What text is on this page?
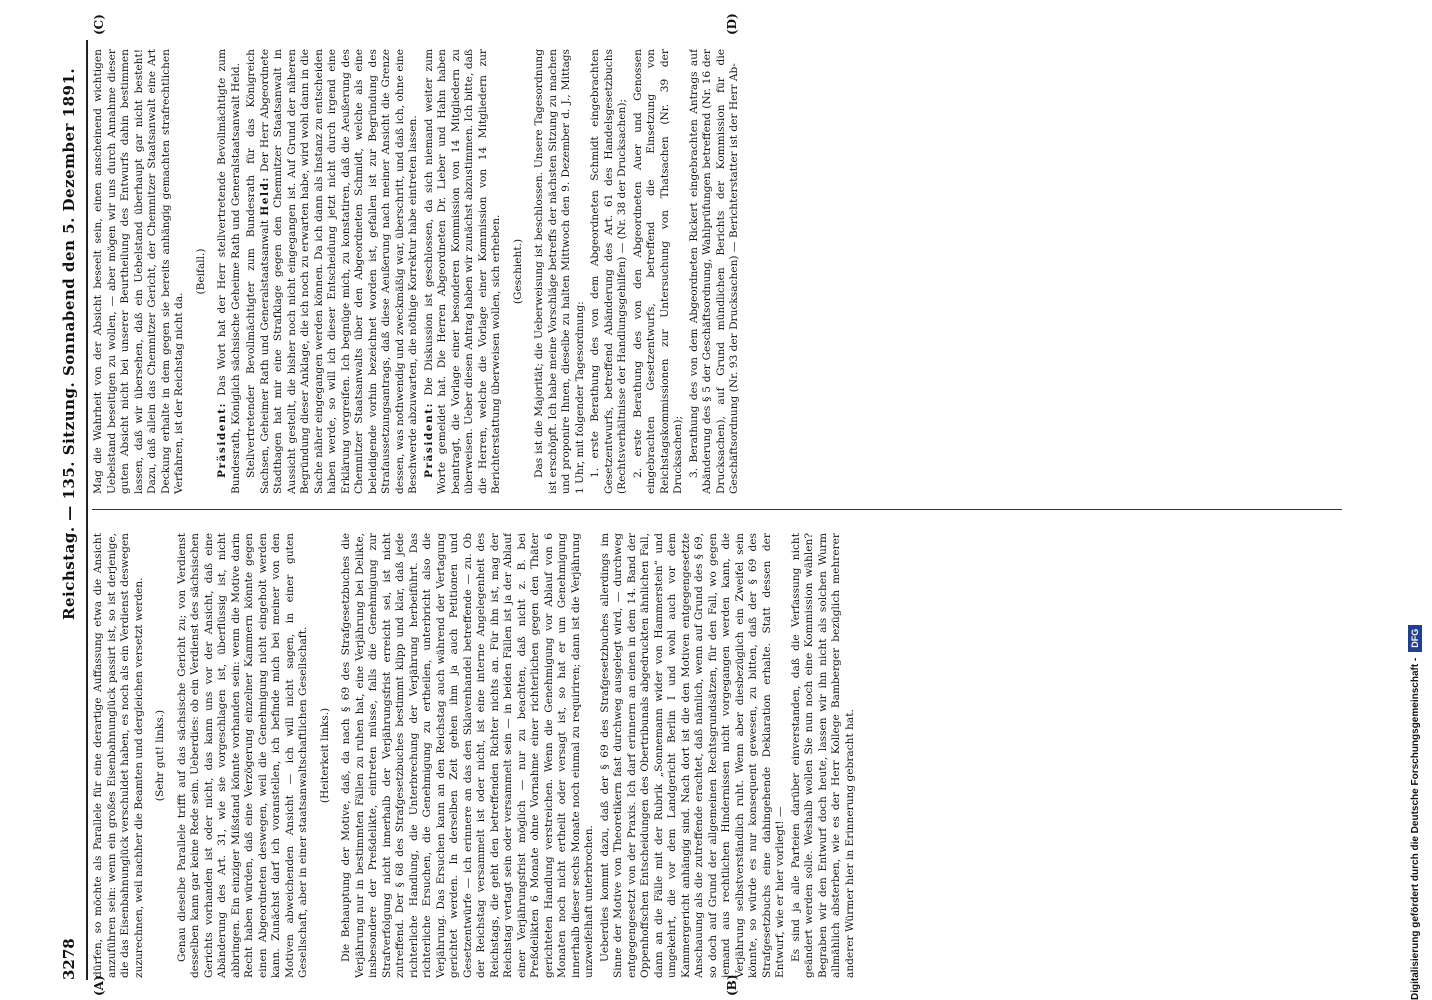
3278
Reichstag. — 135. Sitzung. Sonnabend den 5. Dezember 1891.
(A)	(B)
(C)	(D)

dürfen, so möchte als Parallele für eine derartige Auffassung etwa die Ansicht anzuführen sein: wenn ein großes Eisenbahnunglück passirt ist, so ist derjenige, die das Eisenbahnunglück verschuldet haben, es noch als ein Verdienst deswegen zuzurechnen, weil nachher die Beamten und dergleichen versetzt werden. (Sehr gut! links.) Genau dieselbe Parallele trifft auf das sächsische Gericht zu; von Verdienst desselben kann gar keine Rede sein. Ueberdies: ob ein Verdienst des sächsischen Gerichts vorhanden ist oder nicht, das kann uns vor der Ansicht, daß eine Abänderung des Art. 31, wie sie vorgeschlagen ist, überflüssig ist, nicht abbringen. Ein einziger Mißstand könnte vorhanden sein: wenn die Motive darin Recht haben würden, daß eine Verzögerung einzelner Kammern könnte gegen einen Abgeordneten deswegen, weil die Genehmigung nicht eingeholt werden kann. Zunächst darf ich voranstellen, ich befinde mich bei meiner von den Motiven abweichenden Ansicht — ich will nicht sagen, in einer guten Gesellschaft, aber in einer staatsanwaltschaftlichen Gesellschaft. (Heiterkeit links.) Die Behauptung der Motive, daß, da nach § 69 des Strafgesetzbuches die Verjährung nur in bestimmten Fällen zu ruhen hat, eine Verjährung bei Delikte, insbesondere der Preßdelikte, eintreten müsse, falls die Genehmigung zur Strafverfolgung nicht innerhalb der Verjährungsfrist erreicht sei, ist nicht zutreffend. Der § 68 des Strafgesetzbuches bestimmt klipp und klar, daß jede richterliche Handlung, die Unterbrechung der Verjährung herbeiführt. Das richterliche Ersuchen, die Genehmigung zu ertheilen, unterbricht also die Verjährung. Das Ersuchen kann an den Reichstag auch während der Vertagung gerichtet werden. In derselben Zeit gehen ihm ja auch Petitionen und Gesetzentwürfe — ich erinnere an das den Sklavenhandel betreffende — zu. Ob der Reichstag versammelt ist oder nicht, ist eine interne Angelegenheit des Reichstags, die geht den betreffenden Richter nichts an. Für ihn ist, mag der Reichstag vertagt sein oder versammelt sein — in beiden Fällen ist ja der Ablauf einer Verjährungsfrist möglich — nur zu beachten, daß nicht z. B. bei Preßdelikten 6 Monate ohne Vornahme einer richterlichen gegen den Thäter gerichteten Handlung verstreichen. Wenn die Genehmigung vor Ablauf von 6 Monaten noch nicht ertheilt oder versagt ist, so hat er um Genehmigung innerhalb dieser sechs Monate noch einmal zu requiriren; dann ist die Verjährung unzweifelhaft unterbrochen. Ueberdies kommt dazu, daß der § 69 des Strafgesetzbuches allerdings im Sinne der Motive von Theoretikern fast durchweg ausgelegt wird, — durchweg entgegengesetzt von der Praxis. Ich darf erinnern an einen in dem 14. Band der Oppenhoffschen Entscheidungen des Obertribunals abgedruckten ähnlichen Fall, dann an die Fälle mit der Rubrik „Sonnemann wider von Hammerstein“ und umgekehrt, die vor dem Landgericht Berlin I und wohl auch vor dem Kammergericht anhängig sind. Nach dort ist die den Motiven entgegengesetzte Anschauung als die zutreffende erachtet, daß nämlich, wenn auf Grund des § 69, so doch auf Grund der allgemeinen Rechtsgrundsätzen, für den Fall, wo gegen jemand aus rechtlichen Hindernissen nicht vorgegangen werden kann, die Verjährung selbstverständlich ruht. Wenn aber diesbezüglich ein Zweifel sein könnte, so würde es nur konsequent gewesen, zu bitten, daß der § 69 des Strafgesetzbuchs eine dahingehende Deklaration erhalte. Statt dessen der Entwurf, wie er hier vorliegt! — Es sind ja alle Parteien darüber einverstanden, daß die Verfassung nicht geändert werden solle. Weshalb wollen Sie nun noch eine Kommission wählen? Begraben wir den Entwurf doch heute, lassen wir ihn nicht als solchen Wurm allmählich absterben, wie es der Herr Kollege Bamberger bezüglich mehrerer anderer Würmer hier in Erinnerung gebracht hat.

Mag die Wahrheit von der Absicht beseelt sein, einen anscheinend wichtigen Uebelstand beseitigen zu wollen, — aber mögen wir uns durch Annahme dieser guten Absicht nicht bei unserer Beurtheilung des Entwurfs dahin bestimmen lassen, daß wir übersehen, daß ein Uebelstand überhaupt gar nicht besteht! Dazu, daß allein das Chemnitzer Gericht, der Chemnitzer Staatsanwalt eine Art Deckung erhalte in dem gegen sie bereits anhängig gemachten strafrechtlichen Verfahren, ist der Reichstag nicht da.

(Beifall.)

Präsident: Das Wort hat der Herr stellvertretende Bevollmächtigte zum Bundesrath, Königlich sächsische Geheime Rath und Generalstaatsanwalt Held. Stellvertretender Bevollmächtigter zum Bundesrath für das Königreich Sachsen, Geheimer Rath und Generalstaatsanwalt Held: Der Herr Abgeordnete Stadthagen hat mir eine Strafklage gegen den Chemnitzer Staatsanwalt in Aussicht gestellt, die bisher noch nicht eingegangen ist. Auf Grund der näheren Begründung dieser Anklage, die ich noch zu erwarten habe, wird wohl dann in die Sache näher eingegangen werden können. Da ich dann als Instanz zu entscheiden haben werde, so will ich dieser Entscheidung jetzt nicht durch irgend eine Erklärung vorgreifen. Ich begnüge mich, zu konstatiren, daß die Aeußerung des Chemnitzer Staatsanwalts über den Abgeordneten Schmidt, welche als eine beleidigende vorhin bezeichnet worden ist, gefallen ist zur Begründung des Strafaussetzungsantrags, daß diese Aeußerung nach meiner Ansicht die Grenze dessen, was nothwendig und zweckmäßig war, überschritt, und daß ich, ohne eine Beschwerde abzuwarten, die nöthige Korrektur habe eintreten lassen. Präsident: Die Diskussion ist geschlossen, da sich niemand weiter zum Worte gemeldet hat. Die Herren Abgeordneten Dr. Lieber und Hahn haben beantragt, die Vorlage einer besonderen Kommission von 14 Mitgliedern zu überweisen. Ueber diesen Antrag haben wir zunächst abzustimmen. Ich bitte, daß die Herren, welche die Vorlage einer Kommission von 14 Mitgliedern zur Berichterstattung überweisen wollen, sich erheben. (Geschieht.) Das ist die Majorität; die Ueberweisung ist beschlossen. Unsere Tagesordnung ist erschöpft. Ich habe meine Vorschläge betreffs der nächsten Sitzung zu machen und proponire Ihnen, dieselbe zu halten Mittwoch den 9. Dezember d. J., Mittags 1 Uhr, mit folgender Tagesordnung: 1. erste Berathung des von dem Abgeordneten Schmidt eingebrachten Gesetzentwurfs, betreffend Abänderung des Art. 61 des Handelsgesetzbuchs (Rechtsverhältnisse der Handlungsgehilfen) — (Nr. 38 der Drucksachen); 2. erste Berathung des von den Abgeordneten Auer und Genossen eingebrachten Gesetzentwurfs, betreffend die Einsetzung von Reichstagskommissionen zur Untersuchung von Thatsachen (Nr. 39 der Drucksachen); 3. Berathung des von dem Abgeordneten Rickert eingebrachten Antrags auf Abänderung des § 5 der Geschäftsordnung, Wahlprüfungen betreffend (Nr. 16 der Drucksachen), auf Grund mündlichen Berichts der Kommission für die Geschäftsordnung (Nr. 93 der Drucksachen) — Berichterstatter ist der Herr Ab-

Digitalisierung gefördert durch die Deutsche Forschungsgemeinschaft -DFG
